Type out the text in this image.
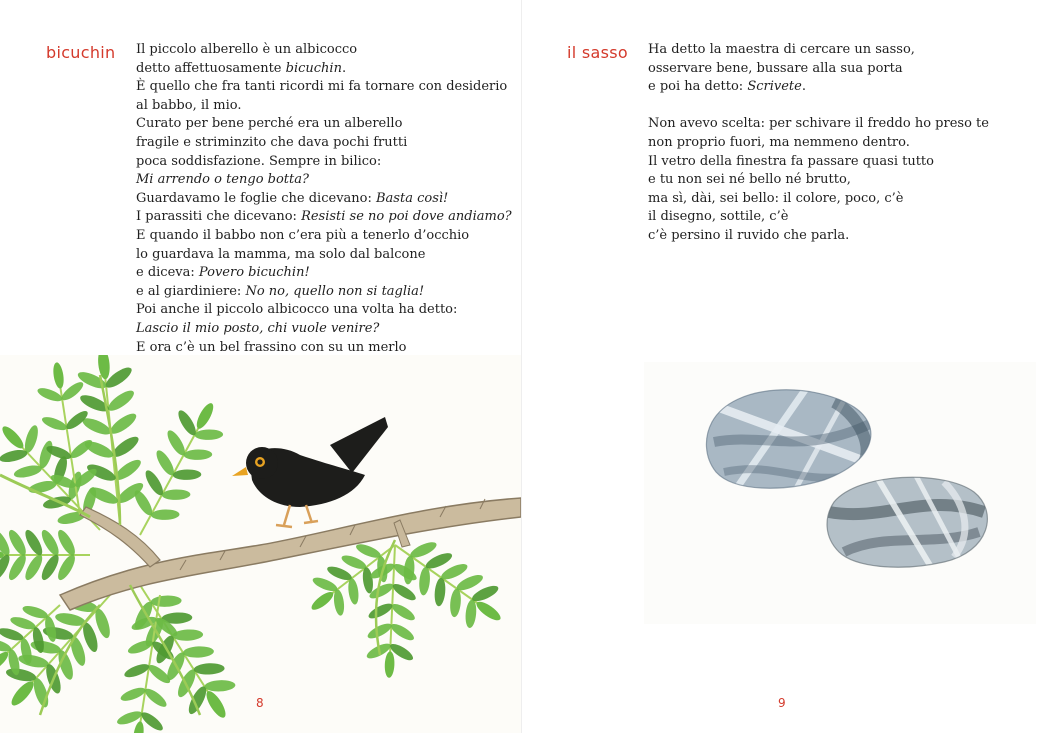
bicuchin Il piccolo alberello è un albicocco
detto affettuosamente bicuchin.
È quello che fra tanti ricordi mi fa tornare con desiderio
al babbo, il mio.
Curato per bene perché era un alberello
fragile e striminzito che dava pochi frutti
poca soddisfazione. Sempre in bilico:
Mi arrendo o tengo botta?
Guardavamo le foglie che dicevano: Basta così!
I parassiti che dicevano: Resisti se no poi dove andiamo?
E quando il babbo non c’era più a tenerlo d’occhio
lo guardava la mamma, ma solo dal balcone
e diceva: Povero bicuchin!
e al giardiniere: No no, quello non si taglia!
Poi anche il piccolo albicocco una volta ha detto:
Lascio il mio posto, chi vuole venire?
E ora c’è un bel frassino con su un merlo
8
il sasso Ha detto la maestra di cercare un sasso,
osservare bene, bussare alla sua porta
e poi ha detto: Scrivete.
Non avevo scelta: per schivare il freddo ho preso te
non proprio fuori, ma nemmeno dentro.
Il vetro della finestra fa passare quasi tutto
e tu non sei né bello né brutto,
ma sì, dài, sei bello: il colore, poco, c’è
il disegno, sottile, c’è
c’è persino il ruvido che parla.
9
